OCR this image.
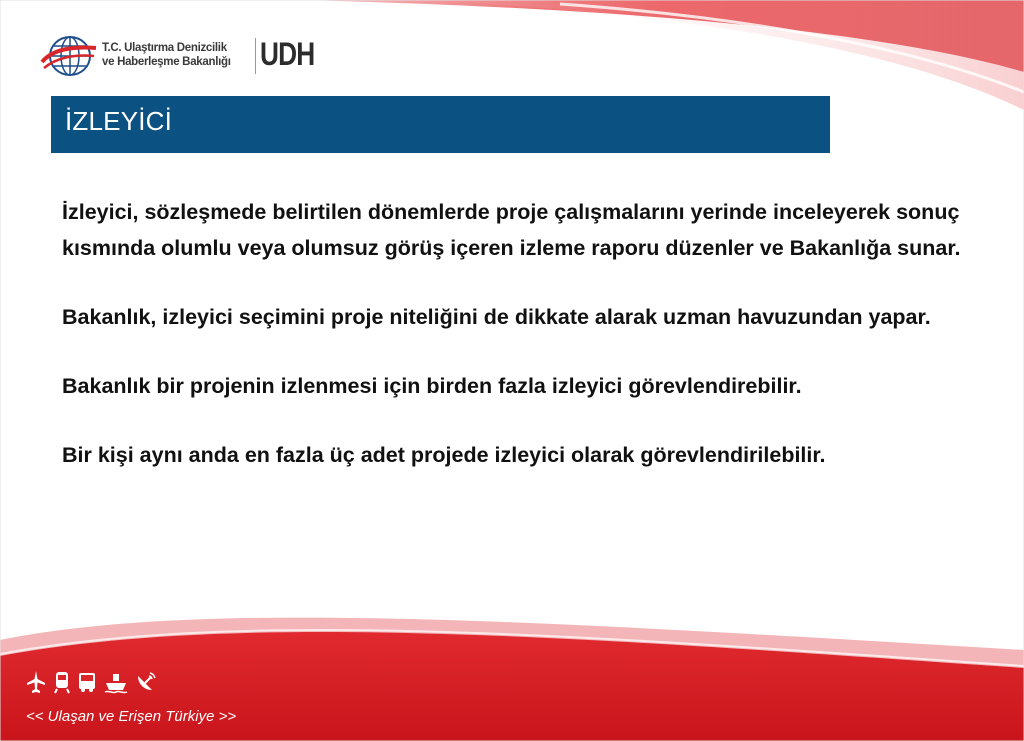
T.C. Ulaştırma Denizcilik
ve Haberleşme Bakanlığı UDH
İZLEYİCİ

İzleyici, sözleşmede belirtilen dönemlerde proje çalışmalarını yerinde inceleyerek sonuç kısmında olumlu veya olumsuz görüş içeren izleme raporu düzenler ve Bakanlığa sunar.

Bakanlık, izleyici seçimini proje niteliğini de dikkate alarak uzman havuzundan yapar.

Bakanlık bir projenin izlenmesi için birden fazla izleyici görevlendirebilir.

Bir kişi aynı anda en fazla üç adet projede izleyici olarak görevlendirilebilir.

<< Ulaşan ve Erişen Türkiye >>
